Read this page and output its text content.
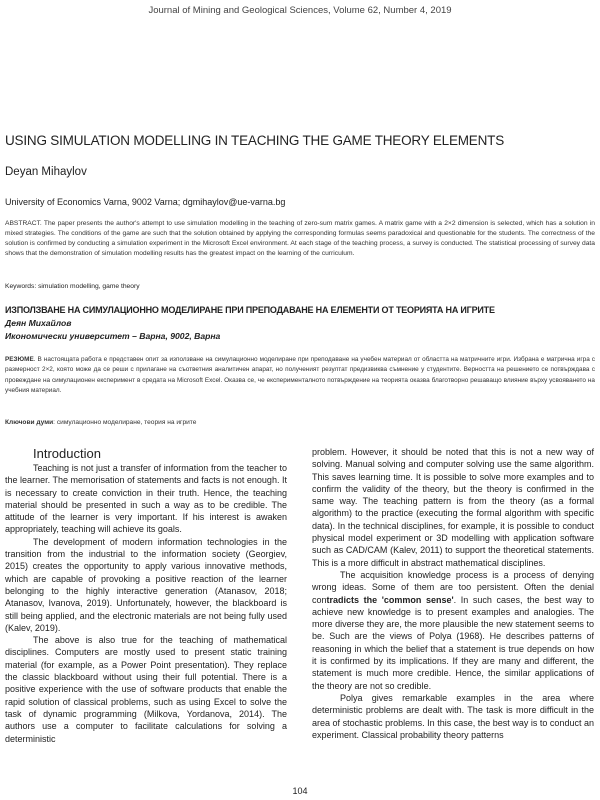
Journal of Mining and Geological Sciences, Volume 62, Number 4, 2019
USING SIMULATION MODELLING IN TEACHING THE GAME THEORY ELEMENTS
Deyan Mihaylov
University of Economics Varna, 9002 Varna; dgmihaylov@ue-varna.bg
ABSTRACT. The paper presents the author's attempt to use simulation modelling in the teaching of zero-sum matrix games. A matrix game with a 2×2 dimension is selected, which has a solution in mixed strategies. The conditions of the game are such that the solution obtained by applying the corresponding formulas seems paradoxical and questionable for the students. The correctness of the solution is confirmed by conducting a simulation experiment in the Microsoft Excel environment. At each stage of the teaching process, a survey is conducted. The statistical processing of survey data shows that the demonstration of simulation modelling results has the greatest impact on the learning of the curriculum.
Keywords: simulation modelling, game theory
ИЗПОЛЗВАНЕ НА СИМУЛАЦИОННО МОДЕЛИРАНЕ ПРИ ПРЕПОДАВАНЕ НА ЕЛЕМЕНТИ ОТ ТЕОРИЯТА НА ИГРИТЕ
Деян Михайлов
Икономически университет – Варна, 9002, Варна
РЕЗЮМЕ. В настоящата работа е представен опит за използване на симулационно моделиране при преподаване на учебен материал от областта на матричните игри. Избрана е матрична игра с размерност 2×2, която може да се реши с прилагане на съответния аналитичен апарат, но полученият резултат предизвиква съмнение у студентите. Верността на решението се потвърждава с провеждане на симулационен експеримент в средата на Microsoft Excel. Оказва се, че експерименталното потвърждение на теорията оказва благотворно решаващо влияние върху усвояването на учебния материал.
Ключови думи: симулационно моделиране, теория на игрите

Introduction

Teaching is not just a transfer of information from the teacher to the learner. The memorisation of statements and facts is not enough. It is necessary to create conviction in their truth. Hence, the teaching material should be presented in such a way as to be credible. The attitude of the learner is very important. If his interest is awaken appropriately, teaching will achieve its goals.

The development of modern information technologies in the transition from the industrial to the information society (Georgiev, 2015) creates the opportunity to apply various innovative methods, which are capable of provoking a positive reaction of the learner belonging to the highly interactive generation (Atanasov, 2018; Atanasov, Ivanova, 2019). Unfortunately, however, the blackboard is still being applied, and the electronic materials are not being fully used (Kalev, 2019).

The above is also true for the teaching of mathematical disciplines. Computers are mostly used to present static training material (for example, as a Power Point presentation). They replace the classic blackboard without using their full potential. There is a positive experience with the use of software products that enable the rapid solution of classical problems, such as using Excel to solve the task of dynamic programming (Milkova, Yordanova, 2014). The authors use a computer to facilitate calculations for solving a deterministic

problem. However, it should be noted that this is not a new way of solving. Manual solving and computer solving use the same algorithm. This saves learning time. It is possible to solve more examples and to confirm the validity of the theory, but the theory is confirmed in the same way. The teaching pattern is from the theory (as a formal algorithm) to the practice (executing the formal algorithm with specific data). In the technical disciplines, for example, it is possible to conduct physical model experiment or 3D modelling with application software such as CAD/CAM (Kalev, 2011) to support the theoretical statements. This is a more difficult in abstract mathematical disciplines.

The acquisition knowledge process is a process of denying wrong ideas. Some of them are too persistent. Often the denial contradicts the 'common sense'. In such cases, the best way to achieve new knowledge is to present examples and analogies. The more diverse they are, the more plausible the new statement seems to be. Such are the views of Polya (1968). He describes patterns of reasoning in which the belief that a statement is true depends on how it is confirmed by its implications. If they are many and different, the statement is much more credible. Hence, the similar applications of the theory are not so credible.

Polya gives remarkable examples in the area where deterministic problems are dealt with. The task is more difficult in the area of stochastic problems. In this case, the best way is to conduct an experiment. Classical probability theory patterns

104
